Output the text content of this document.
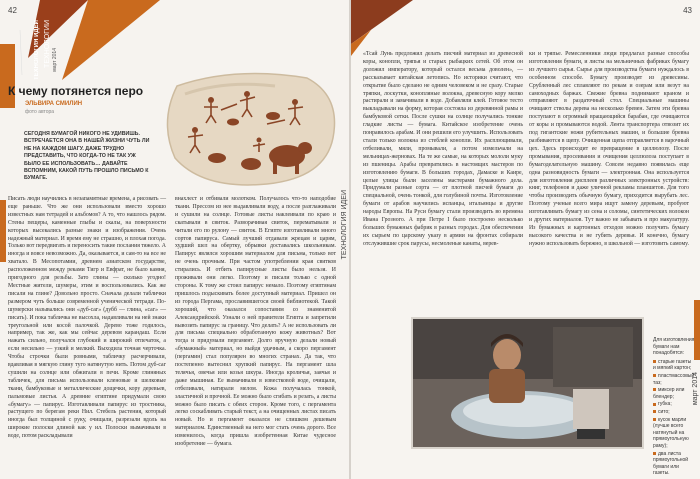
42
ТЕХНОЛОГИЯ ИДЕИ ТЕХНОЛОГИИ март 2014
К чему потянется перо
ЭЛЬВИРА СМИЛИН
фото автора

СЕГОДНЯ БУМАГОЙ НИКОГО НЕ УДИВИШЬ. ВСТРЕЧАЕТСЯ ОНА В НАШЕЙ ЖИЗНИ ЧУТЬ ЛИ НЕ НА КАЖДОМ ШАГУ. ДАЖЕ ТРУДНО ПРЕДСТАВИТЬ, ЧТО КОГДА-ТО НЕ ТАК УЖ БЫЛО ЕЕ ИСПОЛЬЗОВАТЬ… ДАВАЙТЕ ВСПОМНИМ, КАКОЙ ПУТЬ ПРОШЛО ПИСЬМО К БУМАГЕ.

ТЕХНОЛОГИЯ ИДЕИ

Писать люди научились в незапамятные времена, а рисовать — еще раньше. Что же они использовали вместо хорошо известных нам тетрадей и альбомов? А то, что нашлось рядом. Стены пещеры, каменные глыбы и скалы, на поверхности которых высекались разные знаки и изображения. Очень надежный материал. И время ему не страшно, и плохая погода. Только вот передвигать и переносить такие послания тяжело. А иногда и вовсе невозможно. Да, оказывается, и сам-то на все не хватало. В Месопотамии, древнем азиатском государстве, расположенном между реками Тигр и Евфрат, не было камня, пригодного для резьбы. Зато глины — сколько угодно! Местные жители, шумеры, этим и воспользовались. Как же писали на глине? Довольно просто. Сначала делали таблички размером чуть больше современной ученической тетради. По-шумерски назывались они «дуб-саг» (дубб — глина, «саг» — писать). И пока табличка не высохла, надавливали на ней знаки треугольной или косой палочкой. Дерево тоже годилось, например, так же, как мы сейчас деревом карандаш. Если нажать сильно, получался глубокий и широкий отпечаток, а если несильно — узкий и мелкий. Выходила точная черточка. Чтобы строчки были ровными, табличку расчерчивали, вдавливая в мягкую глину туго натянутую нить. Потом дуб-саг сушили на солнце или обжигали в печи. Кроме глиняных табличек, для письма использовали кленовые и шелковые ткани, бамбуковые и металлические дощечки, кору деревьев, пальмовые листья. А древние египтяне придумали свою «бумагу» — папирус. Изготавливали папирус из тростника, растущего по берегам реки Нил. Стебель растения, который иногда был толщиной с руку, очищали, разрезали вдоль на широкие полоски длиной как у ил. Полоски вымачивали в воде, потом раскладывали

внахлест и отбивали молотком. Получалось что-то наподобие ткани. Прессом из нее выдавливали воду, а после разглаживали и сушили на солнце. Готовые листы наклеивали по краю и скатывали в свиток. Разворачивая свиток, перематывали и читали его по рулону — свиток. В Египте изготавливали много сортов папируса. Самый лучший отдавали жрецам и царям, худший шел на обертку, обрывки доставались школьникам. Папирус являлся хорошим материалом для письма, только вот не очень прочным. При частом употреблении края свитков стирались. И отбить папирусные листы было нельзя. И проживали они легко. Поэтому и писали только с одной стороны. К тому же стоил папирус немало. Поэтому египтянам пришлось подыскивать более доступный материал. Пришел он из города Пергама, прославившегося своей библиотекой. Такой хороший, что оказался сопоставим со знаменитой Александрийской. Узнали о ней правители Египта и запретили вывозить папирус за границу. Что делать? А не использовать ли для письма специально обработанную кожу животных? Вот тогда и придумали пергамент. Долго вручную делали новый «бумажный» материал, но выйдя удачным, а скоро пергамент (пергамин) стал популярен во многих странах. Да так, что постепенно вытеснил хрупкий папирус. На пергамент шла телячья, овечья или козья шкура. Иногда кроличья, заячья и даже мышиная. Ее вымачивали в известковой воде, очищали, отбеливали, натирали мелом. Кожа получалась тонкой, эластичной и прочной. Ее можно было сгибать и резать, а листы можно было писать с обеих сторон. Кроме того, с пергамента легко соскабливать старый текст, а на очищенных листах писать новый. Но и пергамент оказался не слишком дешевым материалом. Единственный на него мог стать очень дорого. Все изменилось, когда пришла изобретенная Китае чудесное изобретение — бумага.

43
март 2014

«Тсай Лунь предложил делать писчий материал из древесной коры, конопли, тряпья и старых рыбацких сетей. Об этом он доложил императору, который остался весьма доволен», — рассказывает китайская летопись. Но историки считают, что открытие было сделано не одним человеком и не сразу. Старые тряпки, лоскутки, конопляные волокна, древесную кору мелко растирали и замачивали в воде. Добавляли клей. Готовое тесто выкладывали на форму, которая состояла из деревянной рамы и бамбуковой сетки. После сушки на солнце получались тонкие гладкие листы — бумага. Китайское изобретение очень понравилось арабам. И они решили его улучшить. Использовать стали только волокна из стеблей конопли. Их расплющивали, отбеливали, мяли, промывали, а потом измельчали на мельницах-жерновах. На те же самые, на которых мололи муку из пшеницы. Арабы превратились в настоящих мастеров по изготовлению бумаги. В больших городах, Дамаске и Каире, целые улицы были заселены мастерами бумажного дела. Придумали разные сорта — от плотной писчей бумаги до специальной, очень тонкой, для голубиной почты. Изготовление бумаги от арабов научились испанцы, итальянцы и другие народы Европы. На Руси бумагу стали производить во времена Ивана Грозного. А при Петре I было построено несколько больших бумажных фабрик в разных городах. Для обеспечения их сырьем по царскому указу в армии на фронтах собирали отслужившие срок парусы, несмоленые канаты, верев-

ки и тряпье. Ремесленники люди предлагал разные способы изготовления бумаги, и листы на мельничных фабриках бумагу из лучшего сырья. Сырье для производства бумаги нуждалось в особенном способе. Бумагу производят из древесины. Срубленный лес сплавляют по рекам и озерам или везут на самоходных баржах. Свежие бревна поднимают краном и отправляют в раздаточный стол. Специальные машины очищают стволы дерева на несколько бревен. Затем эти бревна поступают в огромный вращающийся барабан, где очищаются от коры и промываются водой. Лента транспортера отвозит их под гигантские ножи рубительных машин, и большие бревна разбиваются в щепу. Очищенная щепа отправляется в варочный цех. Здесь происходит ее превращение в целлюлозу. После промывания, просеивания и очищения целлюлоза поступает в бумагоделательную машину. Совсем недавно появилась еще одна разновидность бумаги — электронная. Она используется для изготовления дисплеев различных электронных устройств: книг, телефонов и даже уличной рекламы планшетов. Для того чтобы производить обычную бумагу, приходится вырубать лес. Поэтому ученые всего мира ищут замену деревьям, пробуют изготавливать бумагу из сена и соломы, синтетических волокон и других материалов. Тут важно не забывать и про макулатуру. Из бумажных и картонных отходов можно получить бумагу высокого качества и не губить деревья. И конечно, бумагу нужно использовать бережно, в школьной — изготовить самому.

Для изготовления бумаги нам понадобятся:

старые газеты и мягкий картон;
пластмассовый таз;
миксер или блендер;
губка;
сито;
кусок марли (лучше всего натянутый на прямоугольную раму);
два листа прямоугольной бумаги или газеты.
